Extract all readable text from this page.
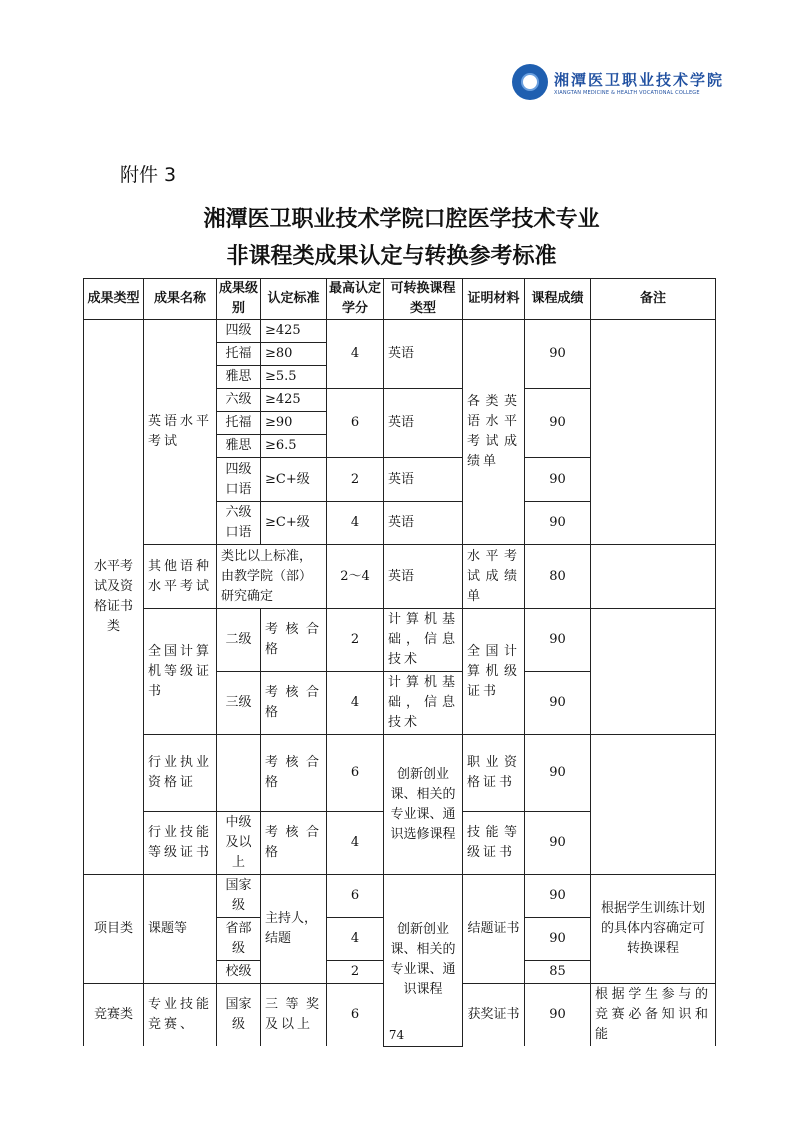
湘潭医卫职业技术学院
XIANGTAN MEDICINE & HEALTH VOCATIONAL COLLEGE
附件 3
湘潭医卫职业技术学院口腔医学技术专业
非课程类成果认定与转换参考标准
成果类型	成果名称	成果级别	认定标准	最高认定学分	可转换课程类型	证明材料	课程成绩	备注
水平考试及资格证书类	英语水平考试	四级	≥425	4	英语	各类英语水平考试成绩单	90	
		托福	≥80					
		雅思	≥5.5					
		六级	≥425	6	英语		90	
		托福	≥90					
		雅思	≥6.5					
		四级口语	≥C+级	2	英语		90	
		六级口语	≥C+级	4	英语		90	
	其他语种水平考试	类比以上标准，由教学院（部）研究确定		2～4	英语	水平考试成绩单	80	
	全国计算机等级证书	二级	考核合格	2	计算机基础，信息技术	全国计算机级证书	90	
		三级	考核合格	4	计算机基础，信息技术		90	
	行业执业资格证		考核合格	6	创新创业课、相关的专业课、通识选修课程	职业资格证书	90	
	行业技能等级证书	中级及以上	考核合格	4		技能等级证书	90	
项目类	课题等	国家级	主持人，结题	6	创新创业课、相关的专业课、通识课程	结题证书	90	根据学生训练计划的具体内容确定可转换课程
		省部级		4			90	
		校级		2			85	
竞赛类	专业技能竞赛、	国家级	三等奖及以上	6		获奖证书	90	根据学生参与的竞赛必备知识和能
74
